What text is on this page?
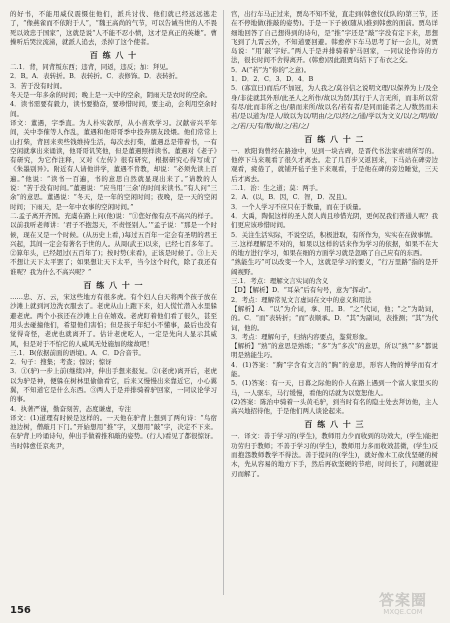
的好书，不能用威仪震慑住他们，派兵讨伐、他们就已经远远逃走了，“像燕雀而不依附于人”，“魏王高尚的气节，可以告诫当世的人不畏死以效忠于国家”，这就是说“人不能不忍小愤，这才是真正的英雄”。曹操听后哭泣流涕，就派人追去，杀掉了这个使者。

百 练 八 十

二.1．背，同背叛东西；违背，同返，违反；加：拜见。

2．B。A．表转折。B．表转折。C．表修饰。D．表转折。

3．苦于没有时间。

冬天是一年多余的时间；晚上是一天中的空余，阴雨天是农时的空余。

4．读书需要有毅力，读书要勤奋，要珍惜时间，要主动，会利用空余时间。

译文：董遇，字季直。为人朴实敦厚，从小喜欢学习。汉献帝兴平年间，关中李傕等人作乱，董遇和他哥哥季中投奔朋友段煨。他们常常上山打柴，背回来卖些钱维持生活，每次去打柴，董遇总是带着书，一有空闲就拿出来诵读，他哥哥讥笑他，但是董遇照样读书。董遇对《老子》有研究，为它作注释，又对《左传》很有研究，根据研究心得写成了《朱墨别异》。附近有人请他讲学，董遇不肯教，却说：“必须先读上百遍。”他说：“读书一百遍，书的意思自然就显现出来了。”请教的人说：“苦于没有时间。”董遇说：“应当用‘三余’的时间来读书。”有人问“三余”的意思。董遇说：“冬天，是一年的空闲时间；夜晚，是一天的空闲时间；下雨天，是一年中农事的空闲时间。”

二.孟子离开齐国。充虞在路上问(他)说：“①您好像有点不高兴的样子。以前我听老师讲：‘君子不抱怨天，不责怪别人。’”孟子说：“那是一个时候，现在又是一个时候。(从历史上看，)每过五百年一定会有圣明的君王兴起，其间一定会有著名于世的人。从周(武王)以来，已经七百多年了。②算年头，已经超过(五百年了)；按时势(来看)，正该是时候了。③上天不想让天下太平罢了；如果想让天下太平，当今这个时代，除了我还有谁呢？我为什么不高兴呢？”

百 练 八 十 一

……忠、万、云，宋这些地方有很多虎。有个妇人白天将两个孩子放在沙滩上就到河边洗衣服去了。老虎从山上跑下来，妇人慌忙潜入水里躲避老虎。两个小孩还在沙滩上自在嬉戏。老虎盯着他们看了很久，甚至用头去碰撞他们，希望他们害怕；但是孩子年纪小不懂事，最后也没有觉得奇怪，老虎也就离开了。估计老虎吃人，一定是先向人显示其威风，但是对于不怕它的人威风无处施加的缘故吧！

三.1．B(依据前面的语境)。A．C．D合音节。

2．句子：搜集；考查；惊讶；惊讶

3．①(驴)一步上前(继续)冲，伸出手想来报复。②(老虎)离开后，老虎以为驴是神，便躲在树林里偷偷看它，后来又慢慢出来靠近它，小心翼翼，不知道它是什么东西。③两人于是并排骑着驴回家，一同议论学习的事。

4．执著严谨，勤奋刻苦，态度谦虚，专注

译文：(1)道理有时候是这样的。一天他在驴背上想到了两句诗：“鸟宿池边树，僧敲月下门。”开始想用“推”字，又想用“敲”字，决定不下来。在驴背上吟诵诗句，伸出手做着推和敲的姿势。(行人)看见了都很惊讶。当时韩愈任京兆尹，

官，出行车马正过来，贾岛不知不觉，直走到(韩愈仪仗队的)第三节，还在不停地做(推敲的姿势)。于是一下子被(随从)推到韩愈的面前。贾岛详细地回答了自己想得到的诗句，是“推”字还是“敲”字没有定下来，思想飞到了九霄云外，不知道要回避。韩愈停下车马思考了好一会儿，对贾岛说：“用‘敲’字好。”两人于是并排骑着驴马回家，一同议论作诗的方法，很长时间不舍得离开。(韩愈)因此跟贾岛结下了布衣之交。

5．A(“若”为“你的”之意)。

1．D．2．C．3．D．4．B

5．(寡宣曰)而后/不加冠，为人我之/莫谷信之说明文理/以保养为上/及全身/非徒就其外形/此圣人之所作/故以为贤/其行于人言无所，而非所以常有尽/此而非所之也/鼎而来所/故以名/若有者/是同而能者之人/数然而未若/是以道为/是人/故以为以/明由/之/以经/之/通/学以为文义/以/之/明/故/之/若/天/有/数/故/之/若/之/

百 练 八 十 二

一．欧阳询曾经在路途中，见到一块古碑，是晋代书法家索靖所写的。他停下马来观看了很久才离去。走了几百步又返回来，下马站在碑旁边观看，疲倦了，就铺开毡子坐下来观看，于是他在碑的旁边睡觉，三天后才离去。

二.1．治：生之道；莫：两手。

2．A．(以，B．因，C．智，D．况且)。

3．一个人学习不应只在于数量，而在于质量。

4．大禹，陶侃这样的圣人贤人尚且珍惜光阴，更何况我们普通人呢？我们更应该珍惜时间。

5．关注生活实际，不说空话，积极进取，有所作为，实实在在做事情。

三.这样理解是不对的，如果以这样的话来作为学习的依据，如果不在大的地方进行学习，如果在细的方面学习就是忽略了自己应有的东西。

“熟能生巧”可以改变一个人，这就是学习的要义，“行万里路”指的是开阔视野。

三.1．考点：理解文言实词的含义

【D】【解析】D．“耳朵”后有句号，意为“挥动”。

2．考点：理解常见文言虚词在文中的意义和用法

【解析】A．“以”为介词，拿、用。B．“之”代词，他；“之”为助词，的。C．“而”表转折；“而”表顺承。D．“其”为副词，表推测；“其”为代词，他的。

3．考点：理解句子，归纳内容要点，鉴赏形象。

【解析】“熟”的意思是熟练；“多”为“多次”的意思，所以“熟”“多”都说明是熟能生巧。

4．(1)答案：“胸”字含有文言的“胸”的意思，形容人物的博学而有才能。

5．(1)答案：有一天，日暮之际他的仆人在路上遇到一个富人家里买的马，一人驱车，马行缓慢，看他的话就为以宽恕他人。

(2)答案：陈治中骑着一头黄毛驴，到当时有名的隐士处去拜访他，主人高兴地招待他，于是他们两人谈论起来。

百 练 八 十 三

一．译文：善于学习的(学生)，教师用力少而收到的功效大，(学生)能把功劳归于教师；不善于学习的(学生)，教师用力多而收效甚微，(学生)反而抱怨教师教学不得法。善于提问的(学生)，就好像木工砍伐坚硬的树木，先从容易的地方下手，然后再砍坚硬的节疤，时间长了，问题就迎刃而解了。

156
答案圈
MXQE.COM
